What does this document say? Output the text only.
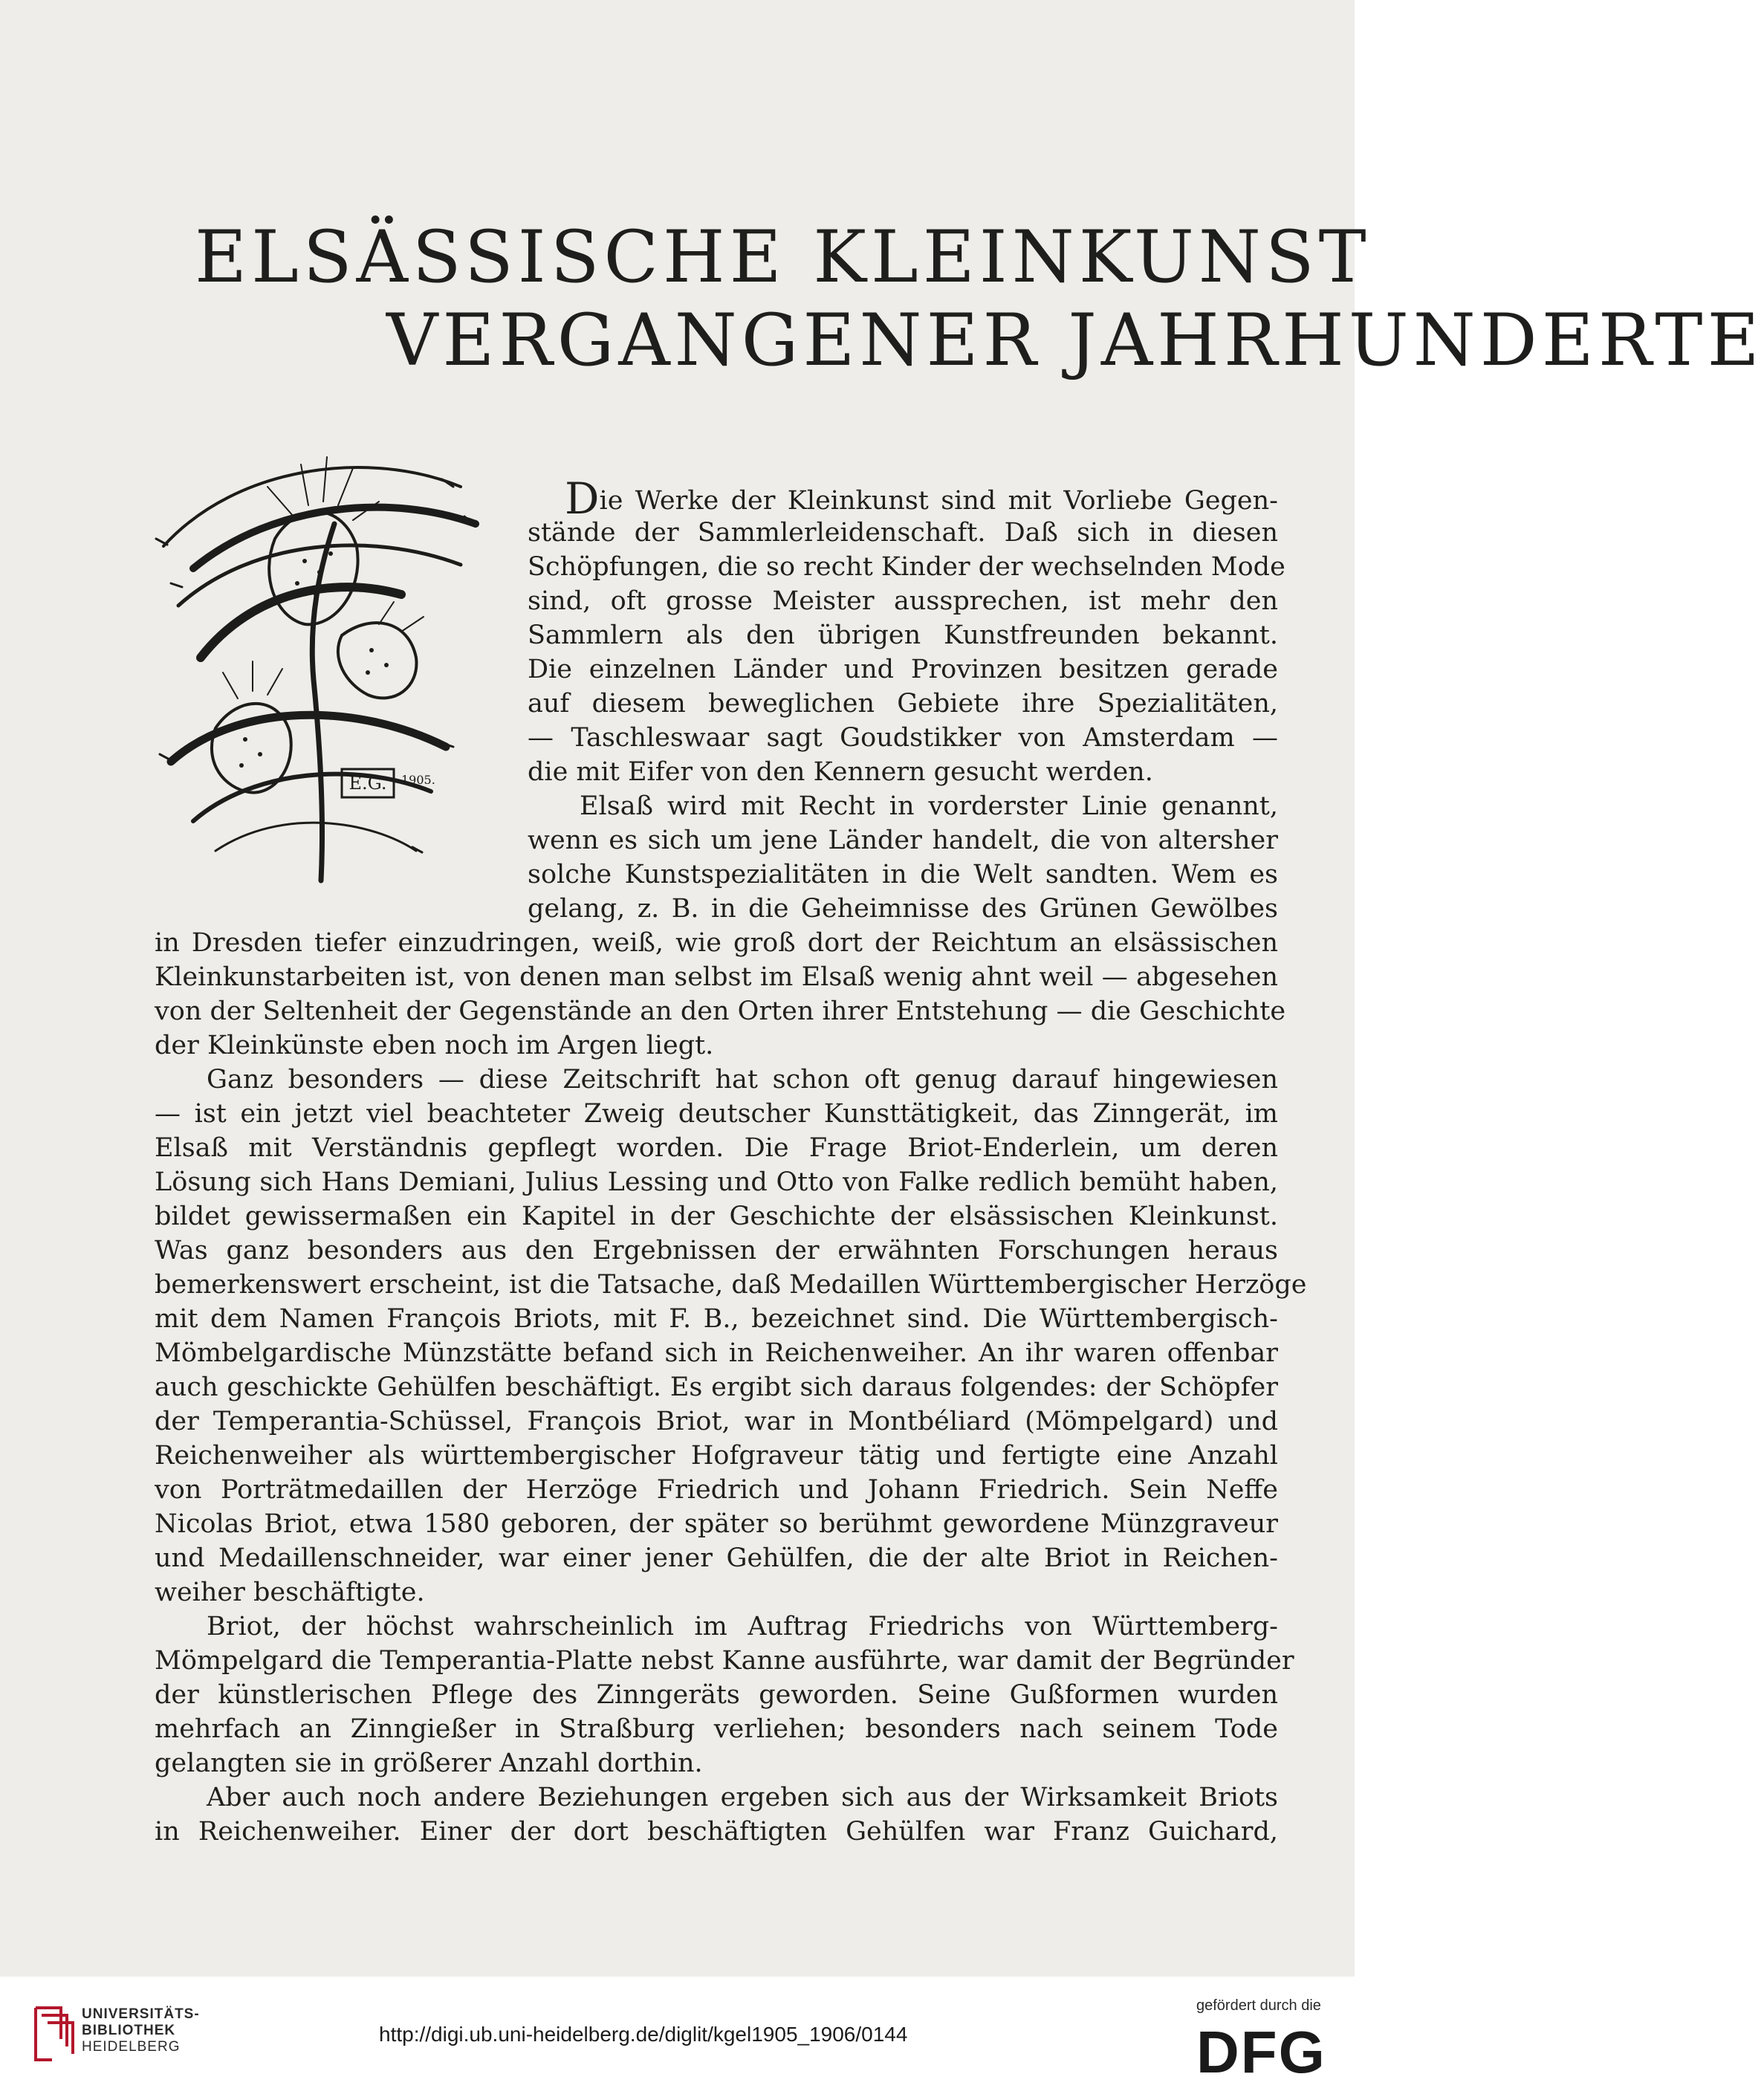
ELSÄSSISCHE KLEINKUNST
VERGANGENER JAHRHUNDERTE
E.G. 1905.
Die Werke der Kleinkunst sind mit Vorliebe Gegen-
stände der Sammlerleidenschaft. Daß sich in diesen
Schöpfungen, die so recht Kinder der wechselnden Mode
sind, oft grosse Meister aussprechen, ist mehr den
Sammlern als den übrigen Kunstfreunden bekannt.
Die einzelnen Länder und Provinzen besitzen gerade
auf diesem beweglichen Gebiete ihre Spezialitäten,
— Taschleswaar sagt Goudstikker von Amsterdam —
die mit Eifer von den Kennern gesucht werden.
Elsaß wird mit Recht in vorderster Linie genannt,
wenn es sich um jene Länder handelt, die von altersher
solche Kunstspezialitäten in die Welt sandten. Wem es
gelang, z. B. in die Geheimnisse des Grünen Gewölbes
in Dresden tiefer einzudringen, weiß, wie groß dort der Reichtum an elsässischen
Kleinkunstarbeiten ist, von denen man selbst im Elsaß wenig ahnt weil — abgesehen
von der Seltenheit der Gegenstände an den Orten ihrer Entstehung — die Geschichte
der Kleinkünste eben noch im Argen liegt.
Ganz besonders — diese Zeitschrift hat schon oft genug darauf hingewiesen
— ist ein jetzt viel beachteter Zweig deutscher Kunsttätigkeit, das Zinngerät, im
Elsaß mit Verständnis gepflegt worden. Die Frage Briot-Enderlein, um deren
Lösung sich Hans Demiani, Julius Lessing und Otto von Falke redlich bemüht haben,
bildet gewissermaßen ein Kapitel in der Geschichte der elsässischen Kleinkunst.
Was ganz besonders aus den Ergebnissen der erwähnten Forschungen heraus
bemerkenswert erscheint, ist die Tatsache, daß Medaillen Württembergischer Herzöge
mit dem Namen François Briots, mit F. B., bezeichnet sind. Die Württembergisch-
Mömbelgardische Münzstätte befand sich in Reichenweiher. An ihr waren offenbar
auch geschickte Gehülfen beschäftigt. Es ergibt sich daraus folgendes: der Schöpfer
der Temperantia-Schüssel, François Briot, war in Montbéliard (Mömpelgard) und
Reichenweiher als württembergischer Hofgraveur tätig und fertigte eine Anzahl
von Porträtmedaillen der Herzöge Friedrich und Johann Friedrich. Sein Neffe
Nicolas Briot, etwa 1580 geboren, der später so berühmt gewordene Münzgraveur
und Medaillenschneider, war einer jener Gehülfen, die der alte Briot in Reichen-
weiher beschäftigte.
Briot, der höchst wahrscheinlich im Auftrag Friedrichs von Württemberg-
Mömpelgard die Temperantia-Platte nebst Kanne ausführte, war damit der Begründer
der künstlerischen Pflege des Zinngeräts geworden. Seine Gußformen wurden
mehrfach an Zinngießer in Straßburg verliehen; besonders nach seinem Tode
gelangten sie in größerer Anzahl dorthin.
Aber auch noch andere Beziehungen ergeben sich aus der Wirksamkeit Briots
in Reichenweiher. Einer der dort beschäftigten Gehülfen war Franz Guichard,
UNIVERSITÄTS-
BIBLIOTHEK
HEIDELBERG
http://digi.ub.uni-heidelberg.de/diglit/kgel1905_1906/0144
gefördert durch die
DFG
